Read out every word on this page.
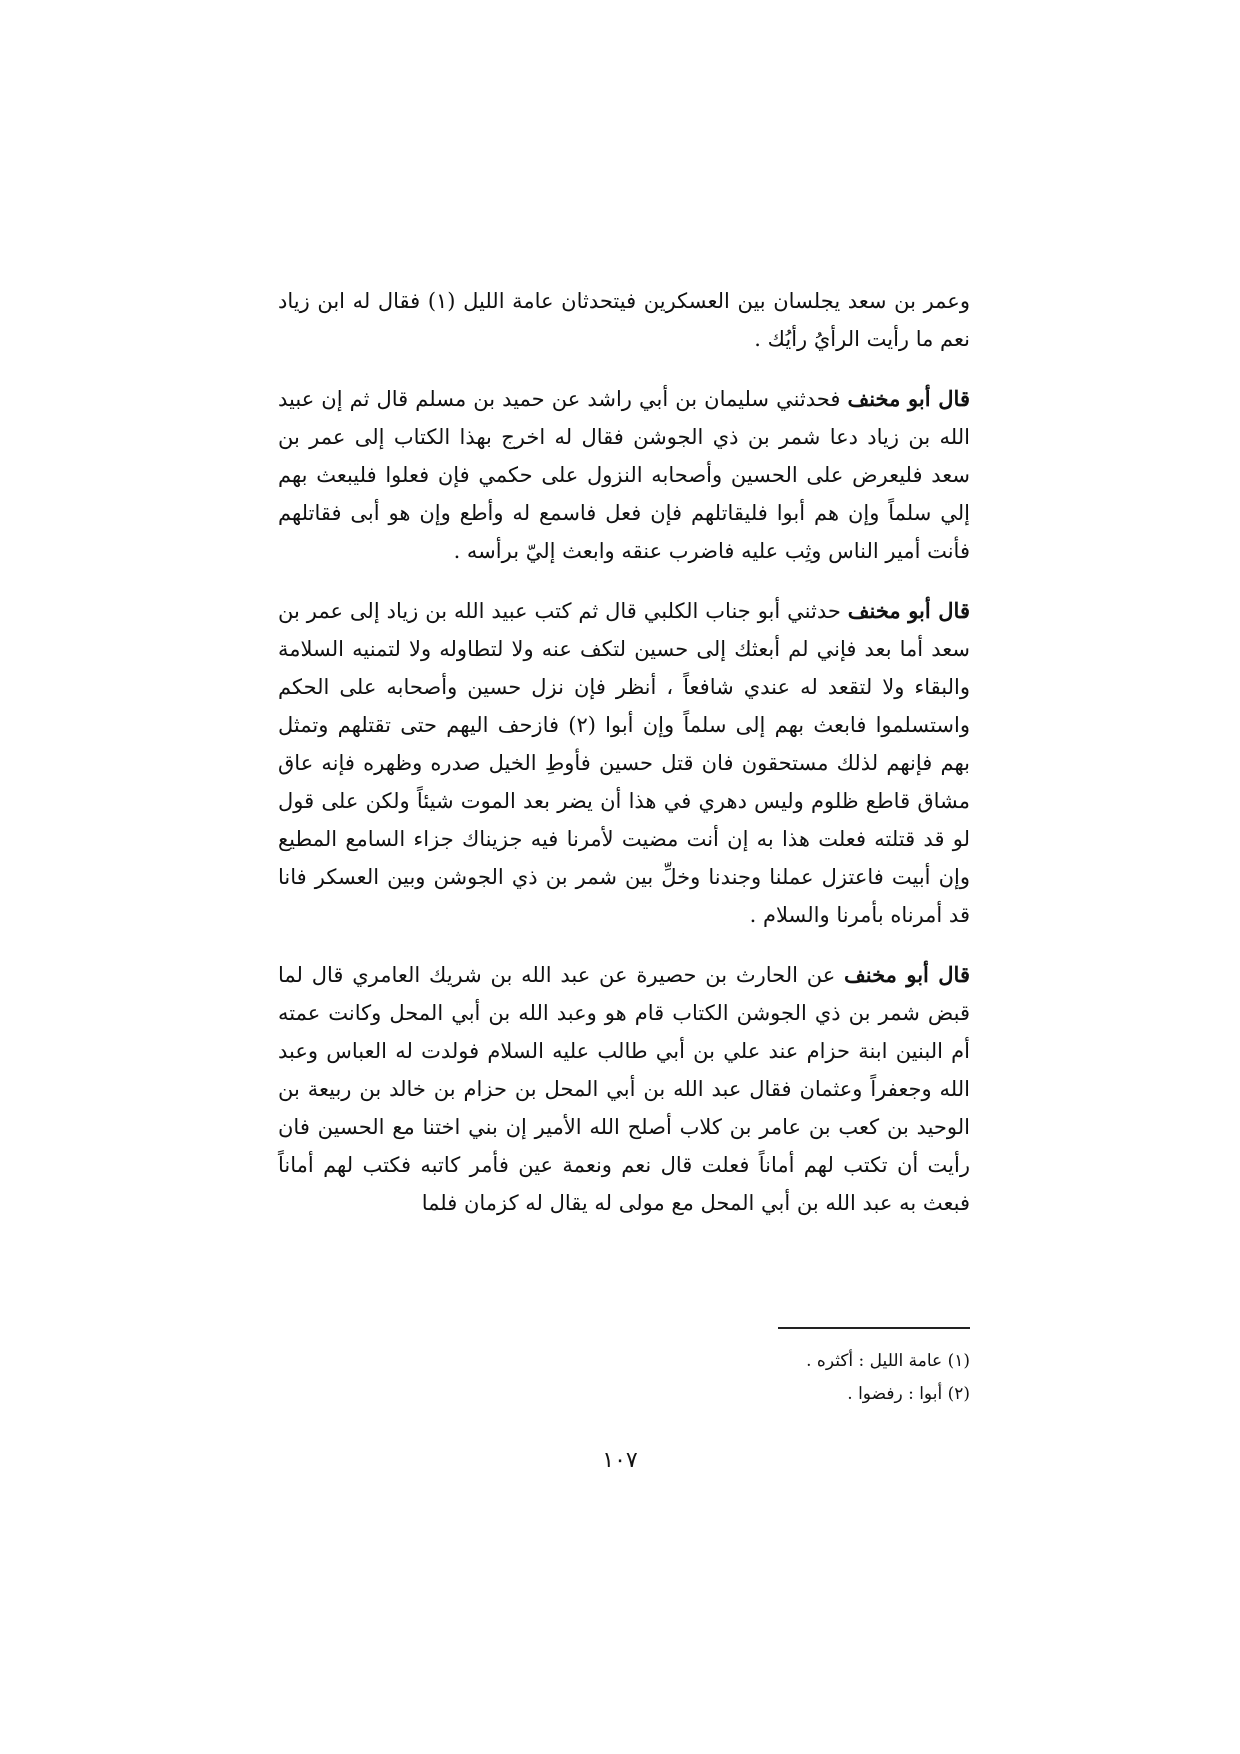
وعمر بن سعد يجلسان بين العسكرين فيتحدثان عامة الليل (١) فقال له ابن زياد نعم ما رأيت الرأيُ رأيُك .

قال أبو مخنف فحدثني سليمان بن أبي راشد عن حميد بن مسلم قال ثم إن عبيد الله بن زياد دعا شمر بن ذي الجوشن فقال له اخرج بهذا الكتاب إلى عمر بن سعد فليعرض على الحسين وأصحابه النزول على حكمي فإن فعلوا فليبعث بهم إلي سلماً وإن هم أبوا فليقاتلهم فإن فعل فاسمع له وأطع وإن هو أبى فقاتلهم فأنت أمير الناس وثِب عليه فاضرب عنقه وابعث إليّ برأسه .

قال أبو مخنف حدثني أبو جناب الكلبي قال ثم كتب عبيد الله بن زياد إلى عمر بن سعد أما بعد فإني لم أبعثك إلى حسين لتكف عنه ولا لتطاوله ولا لتمنيه السلامة والبقاء ولا لتقعد له عندي شافعاً ، أنظر فإن نزل حسين وأصحابه على الحكم واستسلموا فابعث بهم إلى سلماً وإن أبوا (٢) فازحف اليهم حتى تقتلهم وتمثل بهم فإنهم لذلك مستحقون فان قتل حسين فأوطِ الخيل صدره وظهره فإنه عاق مشاق قاطع ظلوم وليس دهري في هذا أن يضر بعد الموت شيئاً ولكن على قول لو قد قتلته فعلت هذا به إن أنت مضيت لأمرنا فيه جزيناك جزاء السامع المطيع وإن أبيت فاعتزل عملنا وجندنا وخلِّ بين شمر بن ذي الجوشن وبين العسكر فانا قد أمرناه بأمرنا والسلام .

قال أبو مخنف عن الحارث بن حصيرة عن عبد الله بن شريك العامري قال لما قبض شمر بن ذي الجوشن الكتاب قام هو وعبد الله بن أبي المحل وكانت عمته أم البنين ابنة حزام عند علي بن أبي طالب عليه السلام فولدت له العباس وعبد الله وجعفراً وعثمان فقال عبد الله بن أبي المحل بن حزام بن خالد بن ربيعة بن الوحيد بن كعب بن عامر بن كلاب أصلح الله الأمير إن بني اختنا مع الحسين فان رأيت أن تكتب لهم أماناً فعلت قال نعم ونعمة عين فأمر كاتبه فكتب لهم أماناً فبعث به عبد الله بن أبي المحل مع مولى له يقال له كزمان فلما

(١) عامة الليل : أكثره .

(٢) أبوا : رفضوا .

١٠٧
